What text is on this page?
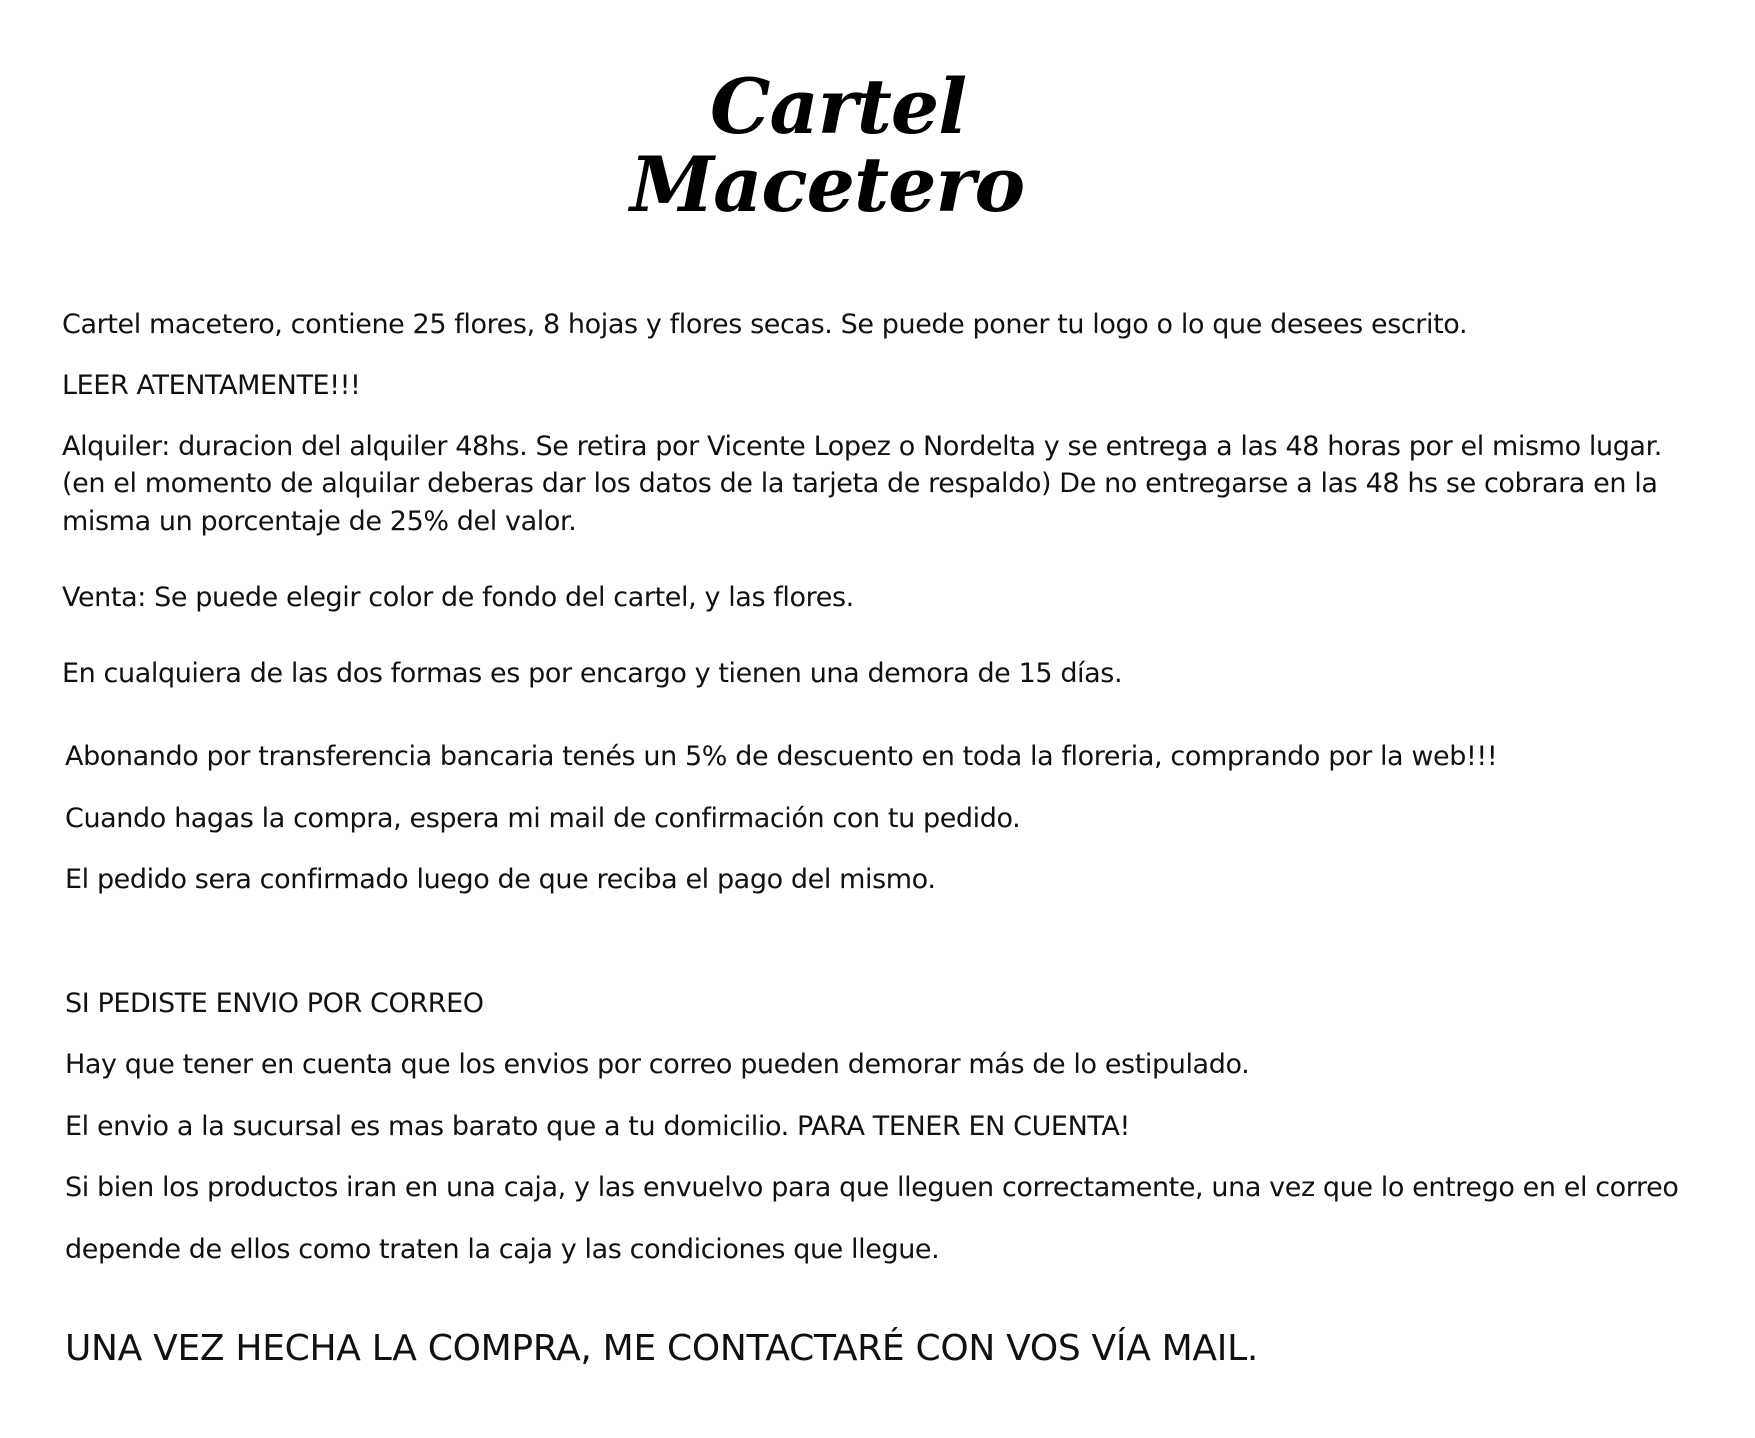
Cartel
Macetero
Cartel macetero, contiene 25 flores, 8 hojas y flores secas. Se puede poner tu logo o lo que desees escrito.
LEER ATENTAMENTE!!!
Alquiler: duracion del alquiler 48hs. Se retira por Vicente Lopez o Nordelta y se entrega a las 48 horas por el mismo lugar.
(en el momento de alquilar deberas dar los datos de la tarjeta de respaldo) De no entregarse a las 48 hs se cobrara en la
misma un porcentaje de 25% del valor.
Venta: Se puede elegir color de fondo del cartel, y las flores.
En cualquiera de las dos formas es por encargo y tienen una demora de 15 días.
Abonando por transferencia bancaria tenés un 5% de descuento en toda la floreria, comprando por la web!!!
Cuando hagas la compra, espera mi mail de confirmación con tu pedido.
El pedido sera confirmado luego de que reciba el pago del mismo.
SI PEDISTE ENVIO POR CORREO
Hay que tener en cuenta que los envios por correo pueden demorar más de lo estipulado.
El envio a la sucursal es mas barato que a tu domicilio. PARA TENER EN CUENTA!
Si bien los productos iran en una caja, y las envuelvo para que lleguen correctamente, una vez que lo entrego en el correo
depende de ellos como traten la caja y las condiciones que llegue.
UNA VEZ HECHA LA COMPRA, ME CONTACTARÉ CON VOS VÍA MAIL.
